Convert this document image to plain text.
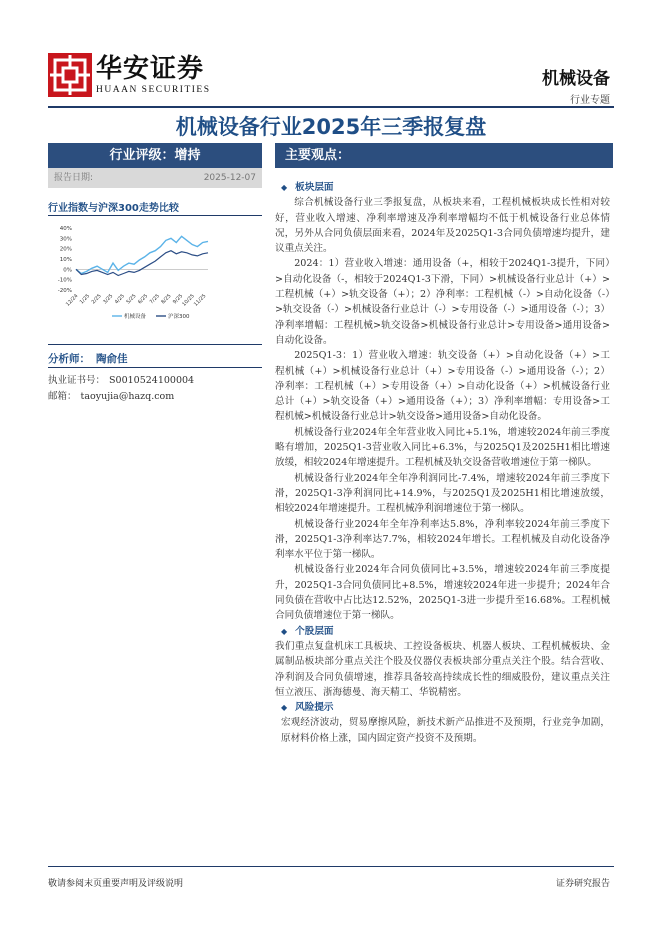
华安证券
HUAAN SECURITIES
机械设备
行业专题
机械设备行业2025年三季报复盘
行业评级：增持
报告日期:	2025-12-07
行业指数与沪深300走势比较
40%
30%
20%
10%
0%
-10%
-20%
12/24 1/25 2/25 3/25 4/25 5/25 6/25 7/25 8/25 9/25
10/25
11/25
机械设备	沪深300
分析师： 陶俞佳
执业证书号： S0010524100004
邮箱： taoyujia@hazq.com
主要观点：
◆ 板块层面

综合机械设备行业三季报复盘，从板块来看，工程机械板块成长性相对较好，营业收入增速、净利率增速及净利率增幅均不低于机械设备行业总体情况，另外从合同负债层面来看，2024年及2025Q1-3合同负债增速均提升，建议重点关注。

2024：1）营业收入增速：通用设备（+，相较于2024Q1-3提升，下同）>自动化设备（-，相较于2024Q1-3下滑，下同）>机械设备行业总计（+）>工程机械（+）>轨交设备（+）；2）净利率：工程机械（-）>自动化设备（-）>轨交设备（-）>机械设备行业总计（-）>专用设备（-）>通用设备（-）；3）净利率增幅：工程机械>轨交设备>机械设备行业总计>专用设备>通用设备>自动化设备。

2025Q1-3：1）营业收入增速：轨交设备（+）>自动化设备（+）>工程机械（+）>机械设备行业总计（+）>专用设备（-）>通用设备（-）；2）净利率：工程机械（+）>专用设备（+）>自动化设备（+）>机械设备行业总计（+）>轨交设备（+）>通用设备（+）；3）净利率增幅：专用设备>工程机械>机械设备行业总计>轨交设备>通用设备>自动化设备。

机械设备行业2024年全年营业收入同比+5.1%，增速较2024年前三季度略有增加，2025Q1-3营业收入同比+6.3%，与2025Q1及2025H1相比增速放缓，相较2024年增速提升。工程机械及轨交设备营收增速位于第一梯队。

机械设备行业2024年全年净利润同比-7.4%，增速较2024年前三季度下滑，2025Q1-3净利润同比+14.9%，与2025Q1及2025H1相比增速放缓，相较2024年增速提升。工程机械净利润增速位于第一梯队。

机械设备行业2024年全年净利率达5.8%，净利率较2024年前三季度下滑，2025Q1-3净利率达7.7%，相较2024年增长。工程机械及自动化设备净利率水平位于第一梯队。

机械设备行业2024年合同负债同比+3.5%，增速较2024年前三季度提升，2025Q1-3合同负债同比+8.5%，增速较2024年进一步提升；2024年合同负债在营收中占比达12.52%，2025Q1-3进一步提升至16.68%。工程机械合同负债增速位于第一梯队。

◆ 个股层面

我们重点复盘机床工具板块、工控设备板块、机器人板块、工程机械板块、金属制品板块部分重点关注个股及仪器仪表板块部分重点关注个股。结合营收、净利润及合同负债增速，推荐具备较高持续成长性的细威股份，建议重点关注恒立液压、浙海德曼、海天精工、华锐精密。

◆ 风险提示

宏观经济波动，贸易摩擦风险，新技术新产品推进不及预期，行业竞争加剧，原材料价格上涨，国内固定资产投资不及预期。

敬请参阅末页重要声明及评级说明	证券研究报告
